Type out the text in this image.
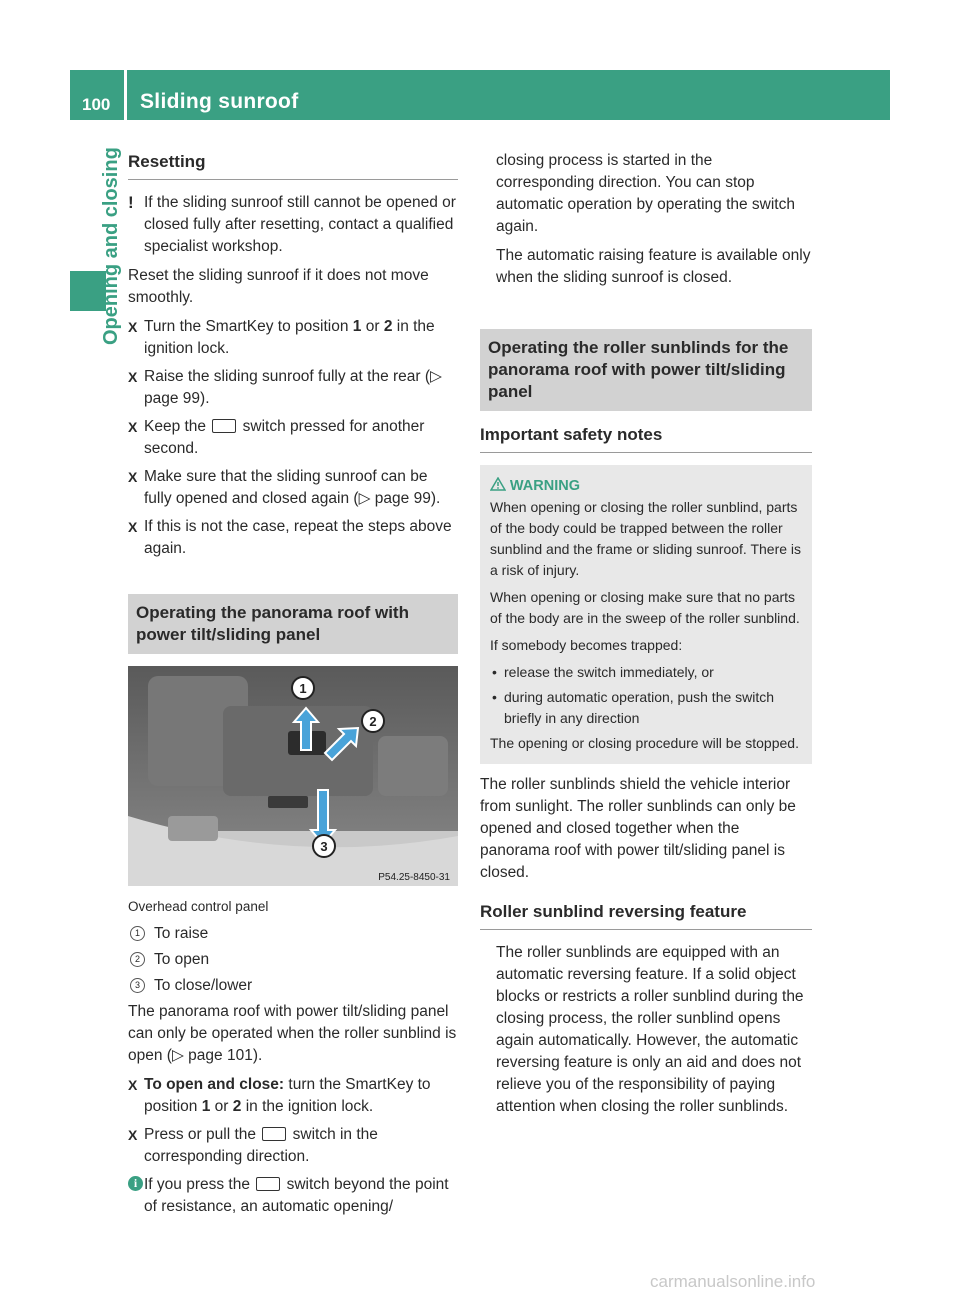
100 Sliding sunroof
Opening and closing Resetting

! If the sliding sunroof still cannot be opened or closed fully after resetting, contact a qualified specialist workshop.

Reset the sliding sunroof if it does not move smoothly.

X Turn the SmartKey to position 1 or 2 in the ignition lock.
X Raise the sliding sunroof fully at the rear (▷ page 99).
X Keep the  switch pressed for another second.
X Make sure that the sliding sunroof can be fully opened and closed again (▷ page 99).
X If this is not the case, repeat the steps above again.
Operating the panorama roof with power tilt/sliding panel
1
2
3
P54.25-8450-31
Overhead control panel
1 To raise
2 To open
3 To close/lower

The panorama roof with power tilt/sliding panel can only be operated when the roller sunblind is open (▷ page 101).

X To open and close: turn the SmartKey to position 1 or 2 in the ignition lock.
X Press or pull the  switch in the corresponding direction.
i If you press the  switch beyond the point of resistance, an automatic opening/

closing process is started in the corresponding direction. You can stop automatic operation by operating the switch again.

The automatic raising feature is available only when the sliding sunroof is closed.

Operating the roller sunblinds for the panorama roof with power tilt/sliding panel
Important safety notes
WARNING
When opening or closing the roller sunblind, parts of the body could be trapped between the roller sunblind and the frame or sliding sunroof. There is a risk of injury.
When opening or closing make sure that no parts of the body are in the sweep of the roller sunblind.
If somebody becomes trapped:
• release the switch immediately, or
• during automatic operation, push the switch briefly in any direction
The opening or closing procedure will be stopped.

The roller sunblinds shield the vehicle interior from sunlight. The roller sunblinds can only be opened and closed together when the panorama roof with power tilt/sliding panel is closed.

Roller sunblind reversing feature

The roller sunblinds are equipped with an automatic reversing feature. If a solid object blocks or restricts a roller sunblind during the closing process, the roller sunblind opens again automatically. However, the automatic reversing feature is only an aid and does not relieve you of the responsibility of paying attention when closing the roller sunblinds.

carmanualsonline.info
